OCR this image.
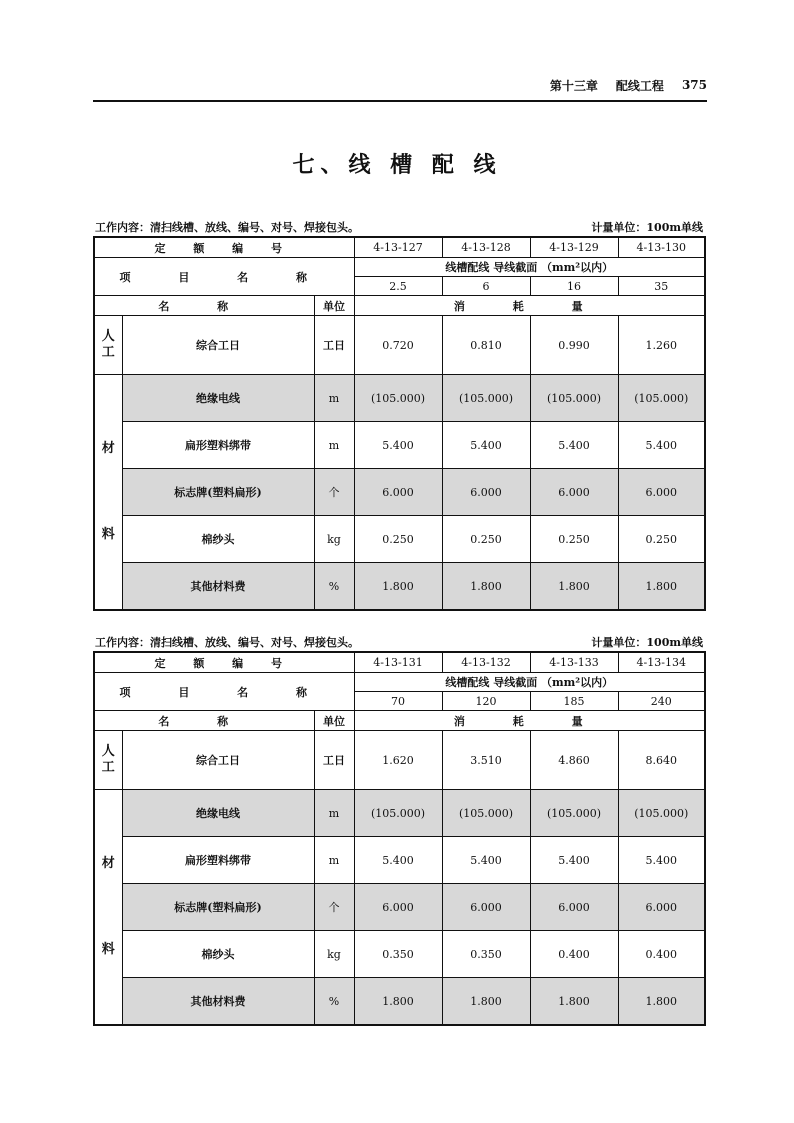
第十三章 配线工程 375
七、线 槽 配 线
工作内容：清扫线槽、放线、编号、对号、焊接包头。	计量单位：100m单线
定 额 编 号			4-13-127	4-13-128	4-13-129	4-13-130
项 目 名 称			线槽配线 导线截面 （mm²以内）			
			2.5	6	16	35
名 称		单位	消 耗 量			

人
工	综合工日	工日	0.720	0.810	0.990	1.260

材
料	绝缘电线	m	(105.000)	(105.000)	(105.000)	(105.000)
	扁形塑料绑带	m	5.400	5.400	5.400	5.400
	标志牌(塑料扁形)	个	6.000	6.000	6.000	6.000
	棉纱头	kg	0.250	0.250	0.250	0.250
	其他材料费	%	1.800	1.800	1.800	1.800
工作内容：清扫线槽、放线、编号、对号、焊接包头。	计量单位：100m单线
定 额 编 号			4-13-131	4-13-132	4-13-133	4-13-134
项 目 名 称			线槽配线 导线截面 （mm²以内）			
			70	120	185	240
名 称		单位	消 耗 量			

人
工	综合工日	工日	1.620	3.510	4.860	8.640

材
料	绝缘电线	m	(105.000)	(105.000)	(105.000)	(105.000)
	扁形塑料绑带	m	5.400	5.400	5.400	5.400
	标志牌(塑料扁形)	个	6.000	6.000	6.000	6.000
	棉纱头	kg	0.350	0.350	0.400	0.400
	其他材料费	%	1.800	1.800	1.800	1.800
